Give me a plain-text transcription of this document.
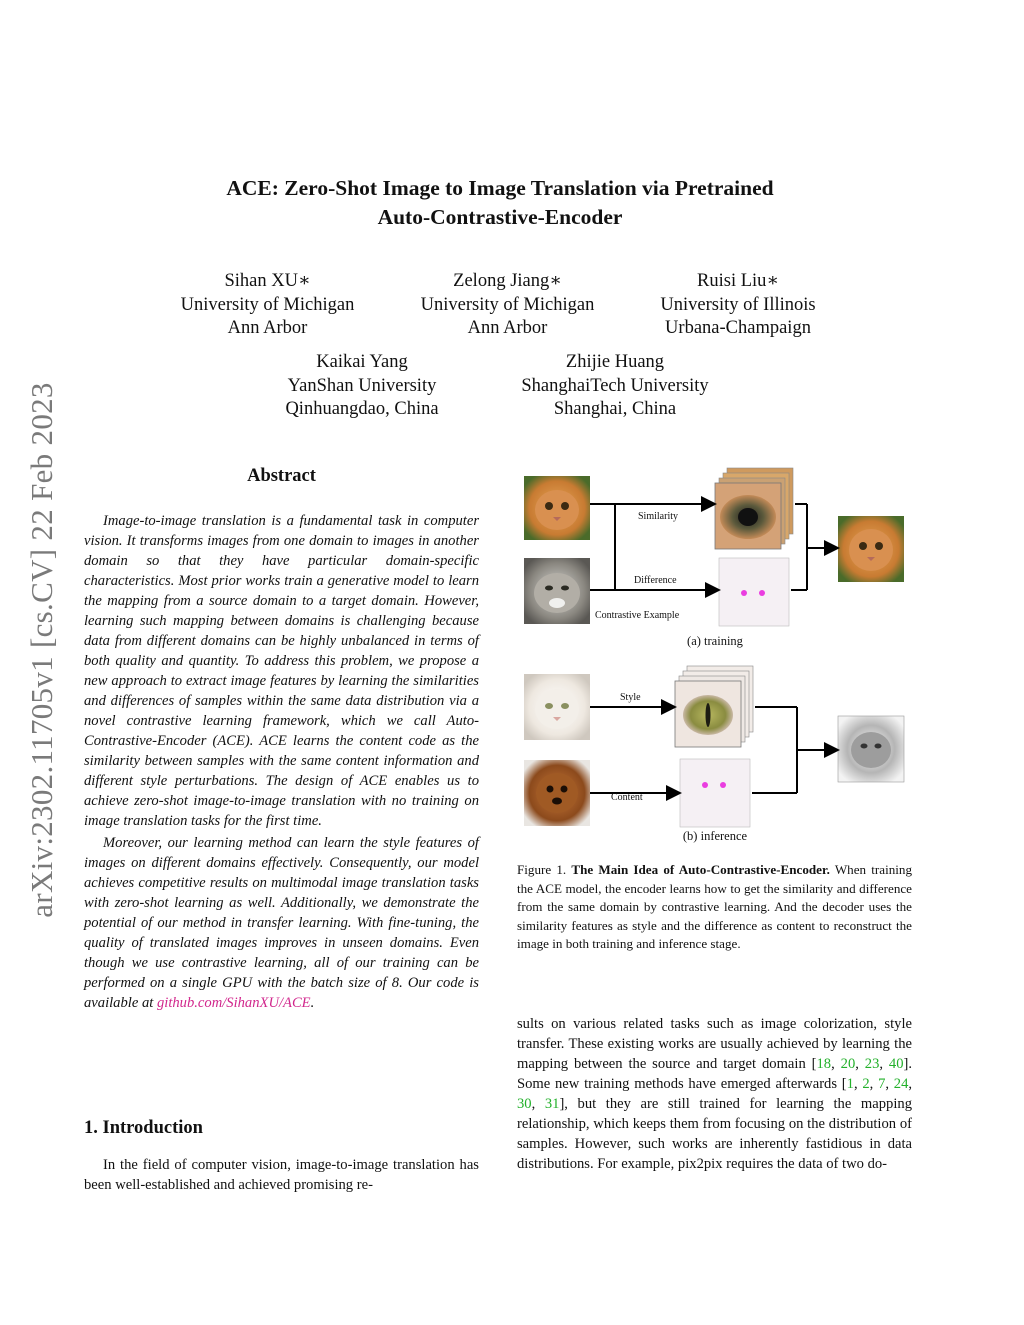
arXiv:2302.11705v1 [cs.CV] 22 Feb 2023
ACE: Zero-Shot Image to Image Translation via Pretrained
Auto-Contrastive-Encoder
Sihan XU∗
University of Michigan
Ann Arbor
Zelong Jiang∗
University of Michigan
Ann Arbor
Ruisi Liu∗
University of Illinois
Urbana-Champaign
Kaikai Yang
YanShan University
Qinhuangdao, China
Zhijie Huang
ShanghaiTech University
Shanghai, China
Abstract

Image-to-image translation is a fundamental task in computer vision. It transforms images from one domain to images in another domain so that they have particular domain-specific characteristics. Most prior works train a generative model to learn the mapping from a source domain to a target domain. However, learning such mapping between domains is challenging because data from different domains can be highly unbalanced in terms of both quality and quantity. To address this problem, we propose a new approach to extract image features by learning the similarities and differences of samples within the same data distribution via a novel contrastive learning framework, which we call Auto-Contrastive-Encoder (ACE). ACE learns the content code as the similarity between samples with the same content information and different style perturbations. The design of ACE enables us to achieve zero-shot image-to-image translation with no training on image translation tasks for the first time.

Moreover, our learning method can learn the style features of images on different domains effectively. Consequently, our model achieves competitive results on multimodal image translation tasks with zero-shot learning as well. Additionally, we demonstrate the potential of our method in transfer learning. With fine-tuning, the quality of translated images improves in unseen domains. Even though we use contrastive learning, all of our training can be performed on a single GPU with the batch size of 8. Our code is available at github.com/SihanXU/ACE.

1. Introduction

In the field of computer vision, image-to-image translation has been well-established and achieved promising re-

sults on various related tasks such as image colorization, style transfer. These existing works are usually achieved by learning the mapping between the source and target domain [18, 20, 23, 40]. Some new training methods have emerged afterwards [1, 2, 7, 24, 30, 31], but they are still trained for learning the mapping relationship, which keeps them from focusing on the distribution of samples. However, such works are inherently fastidious in data distributions. For example, pix2pix requires the data of two do-

Similarity
Difference
Contrastive Example
(a) training
Style
Content
(b) inference
Figure 1. The Main Idea of Auto-Contrastive-Encoder. When training the ACE model, the encoder learns how to get the similarity and difference from the same domain by contrastive learning. And the decoder uses the similarity features as style and the difference as content to reconstruct the image in both training and inference stage.
